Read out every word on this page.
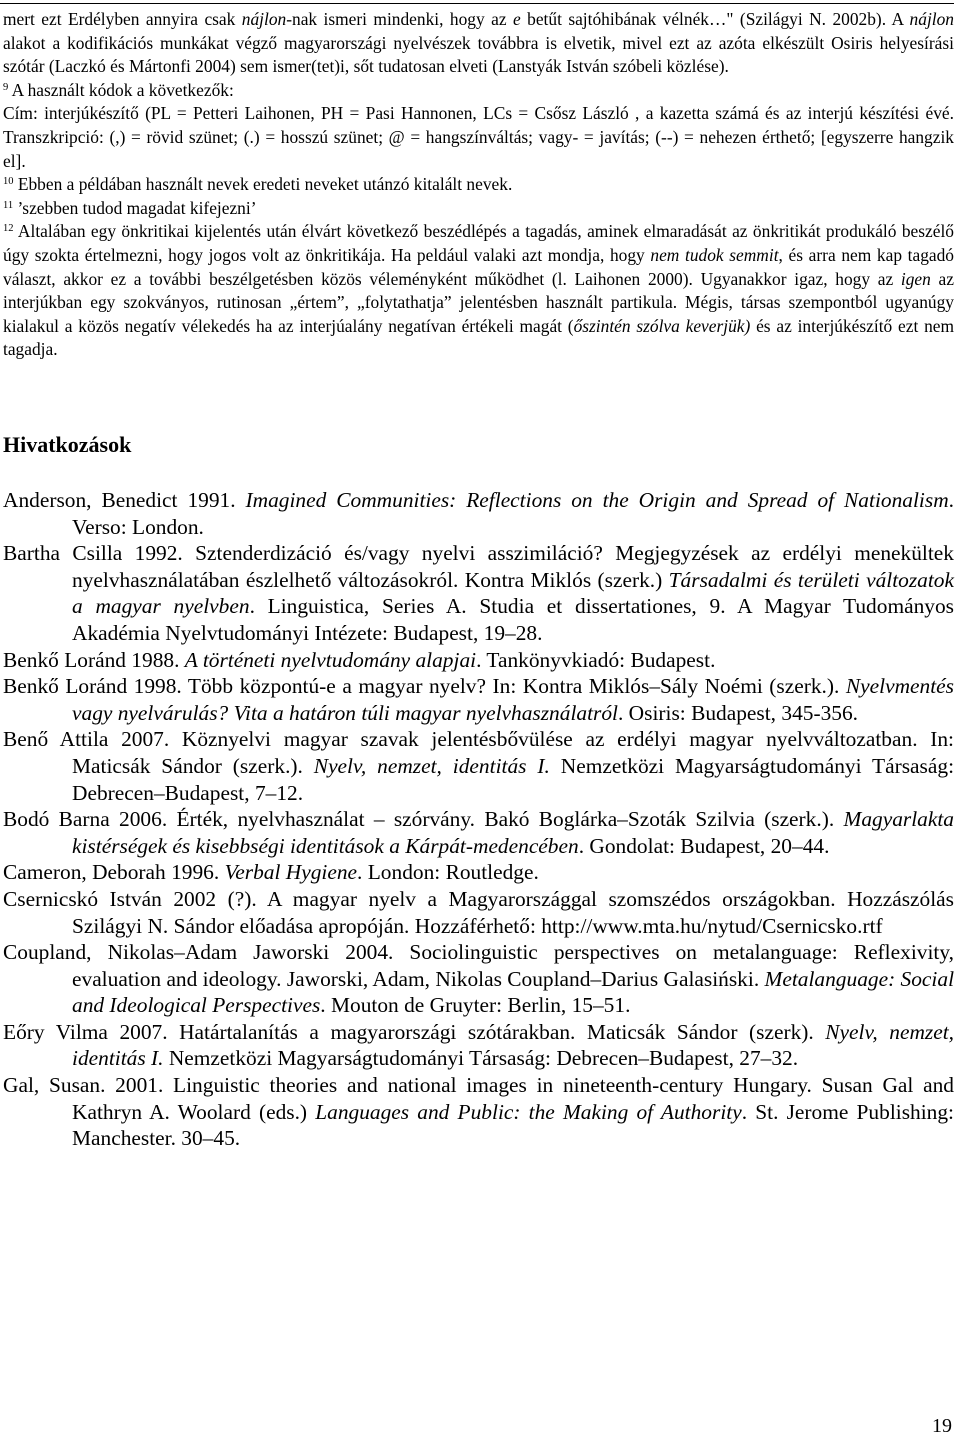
mert ezt Erdélyben annyira csak nájlon-nak ismeri mindenki, hogy az e betűt sajtóhibának vélnék…" (Szilágyi N. 2002b). A nájlon alakot a kodifikációs munkákat végző magyarországi nyelvészek továbbra is elvetik, mivel ezt az azóta elkészült Osiris helyesírási szótár (Laczkó és Mártonfi 2004) sem ismer(tet)i, sőt tudatosan elveti (Lanstyák István szóbeli közlése).

$^9$ A használt kódok a következők:

Cím: interjúkészítő (PL = Petteri Laihonen, PH = Pasi Hannonen, LCs = Csősz László , a kazetta számá és az interjú készítési évé. Transzkripció: (,) = rövid szünet; (.) = hosszú szünet; @ = hangszínváltás; vagy- = javítás; (--) = nehezen érthető; [egyszerre hangzik el].

$^{10}$ Ebben a példában használt nevek eredeti neveket utánzó kitalált nevek.

$^{11}$ ’szebben tudod magadat kifejezni’

$^{12}$ Altalában egy önkritikai kijelentés után élvárt következő beszédlépés a tagadás, aminek elmaradását az önkritikát produkáló beszélő úgy szokta értelmezni, hogy jogos volt az önkritikája. Ha peldául valaki azt mondja, hogy nem tudok semmit, és arra nem kap tagadó választ, akkor ez a további beszélgetésben közös véleményként működhet (l. Laihonen 2000). Ugyanakkor igaz, hogy az igen az interjúkban egy szokványos, rutinosan „értem”, „folytathatja” jelentésben használt partikula. Mégis, társas szempontból ugyanúgy kialakul a közös negatív vélekedés ha az interjúalány negatívan értékeli magát (őszintén szólva keverjük) és az interjúkészítő ezt nem tagadja.

Hivatkozások

Anderson, Benedict 1991. Imagined Communities: Reflections on the Origin and Spread of Nationalism. Verso: London.

Bartha Csilla 1992. Sztenderdizáció és/vagy nyelvi asszimiláció? Megjegyzések az erdélyi menekültek nyelvhasználatában észlelhető változásokról. Kontra Miklós (szerk.) Társadalmi és területi változatok a magyar nyelvben. Linguistica, Series A. Studia et dissertationes, 9. A Magyar Tudományos Akadémia Nyelvtudományi Intézete: Budapest, 19–28.

Benkő Loránd 1988. A történeti nyelvtudomány alapjai. Tankönyvkiadó: Budapest.

Benkő Loránd 1998. Több központú-e a magyar nyelv? In: Kontra Miklós–Sály Noémi (szerk.). Nyelvmentés vagy nyelvárulás? Vita a határon túli magyar nyelvhasználatról. Osiris: Budapest, 345-356.

Benő Attila 2007. Köznyelvi magyar szavak jelentésbővülése az erdélyi magyar nyelvváltozatban. In: Maticsák Sándor (szerk.). Nyelv, nemzet, identitás I. Nemzetközi Magyarságtudományi Társaság: Debrecen–Budapest, 7–12.

Bodó Barna 2006. Érték, nyelvhasználat – szórvány. Bakó Boglárka–Szoták Szilvia (szerk.). Magyarlakta kistérségek és kisebbségi identitások a Kárpát-medencében. Gondolat: Budapest, 20–44.

Cameron, Deborah 1996. Verbal Hygiene. London: Routledge.

Csernicskó István 2002 (?). A magyar nyelv a Magyarországgal szomszédos országokban. Hozzászólás Szilágyi N. Sándor előadása apropóján. Hozzáférhető: http://www.mta.hu/nytud/Csernicsko.rtf

Coupland, Nikolas–Adam Jaworski 2004. Sociolinguistic perspectives on metalanguage: Reflexivity, evaluation and ideology. Jaworski, Adam, Nikolas Coupland–Darius Galasiński. Metalanguage: Social and Ideological Perspectives. Mouton de Gruyter: Berlin, 15–51.

Eőry Vilma 2007. Határtalanítás a magyarországi szótárakban. Maticsák Sándor (szerk). Nyelv, nemzet, identitás I. Nemzetközi Magyarságtudományi Társaság: Debrecen–Budapest, 27–32.

Gal, Susan. 2001. Linguistic theories and national images in nineteenth-century Hungary. Susan Gal and Kathryn A. Woolard (eds.) Languages and Public: the Making of Authority. St. Jerome Publishing: Manchester. 30–45.

19
